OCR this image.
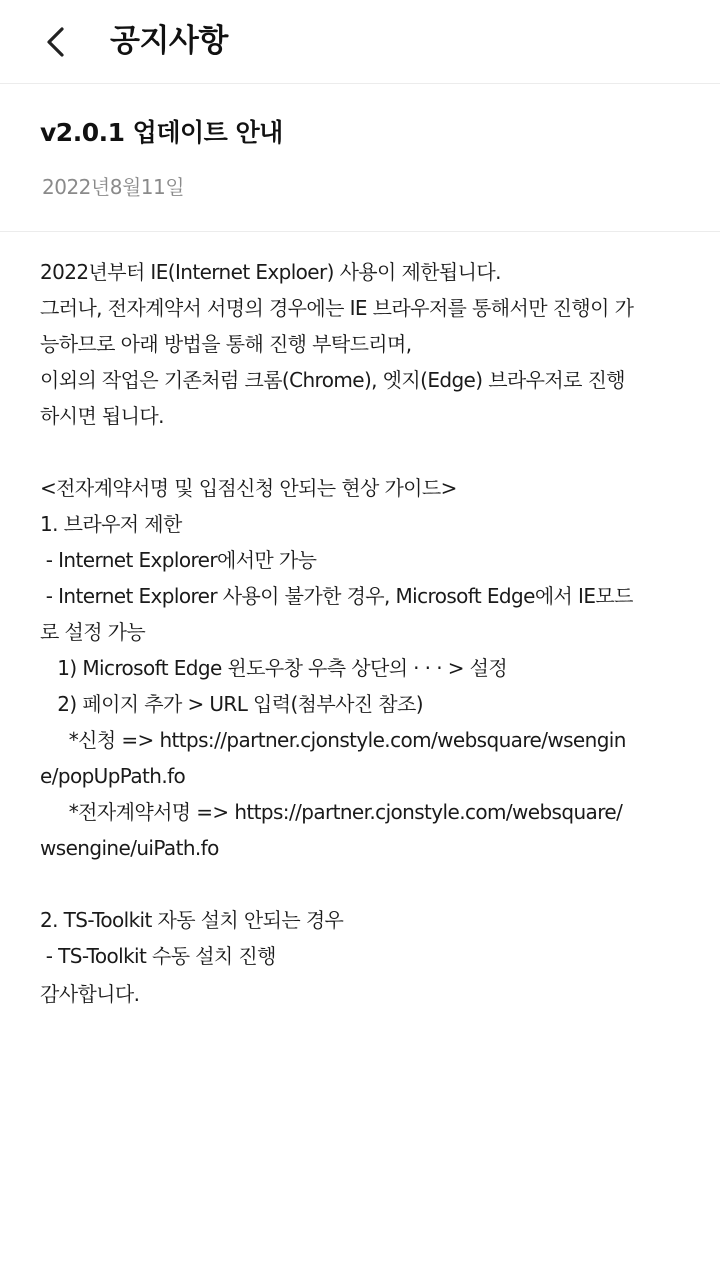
공지사항
v2.0.1 업데이트 안내
2022년8월11일
2022년부터 IE(Internet Exploer) 사용이 제한됩니다.
그러나, 전자계약서 서명의 경우에는 IE 브라우저를 통해서만 진행이 가
능하므로 아래 방법을 통해 진행 부탁드리며,
이외의 작업은 기존처럼 크롬(Chrome), 엣지(Edge) 브라우저로 진행
하시면 됩니다.
<전자계약서명 및 입점신청 안되는 현상 가이드>
1. 브라우저 제한
- Internet Explorer에서만 가능
- Internet Explorer 사용이 불가한 경우, Microsoft Edge에서 IE모드
로 설정 가능
1) Microsoft Edge 윈도우창 우측 상단의 · · · > 설정
2) 페이지 추가 > URL 입력(첨부사진 참조)
*신청 => https://partner.cjonstyle.com/websquare/wsengin
e/popUpPath.fo
*전자계약서명 => https://partner.cjonstyle.com/websquare/
wsengine/uiPath.fo
2. TS-Toolkit 자동 설치 안되는 경우
- TS-Toolkit 수동 설치 진행
감사합니다.
